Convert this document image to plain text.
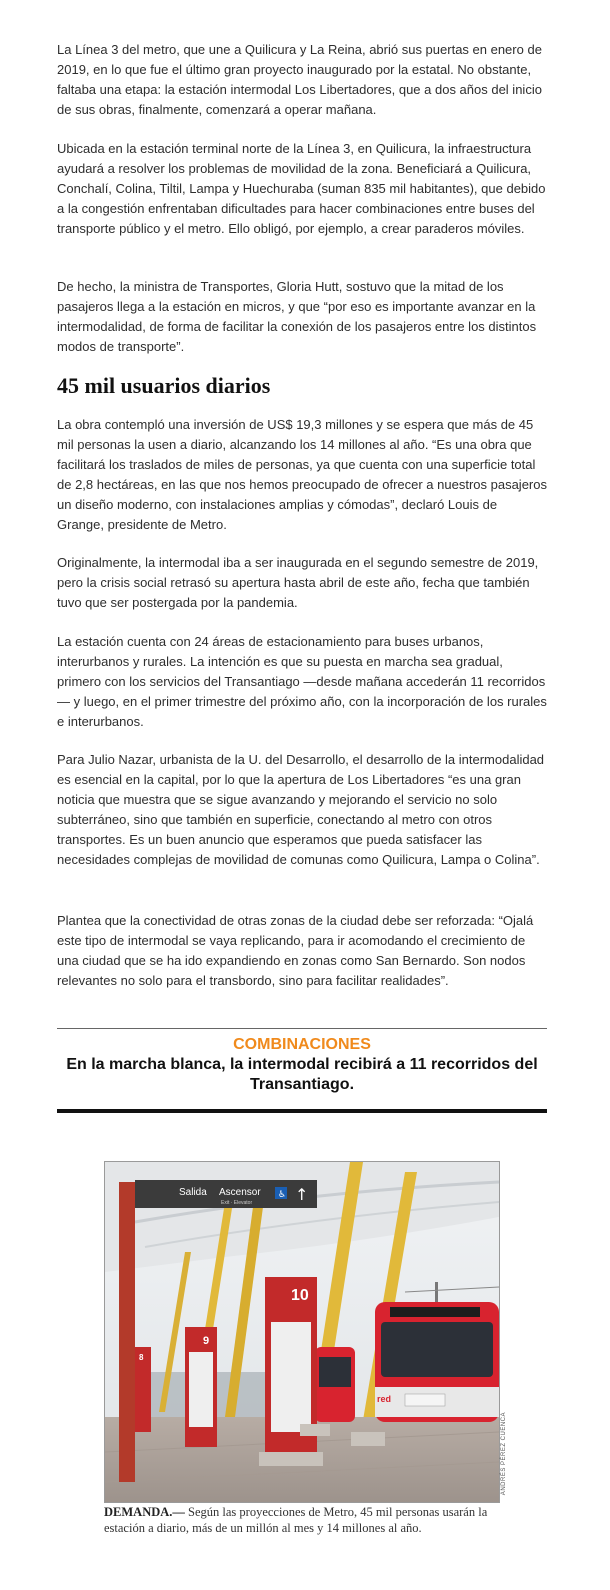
La Línea 3 del metro, que une a Quilicura y La Reina, abrió sus puertas en enero de 2019, en lo que fue el último gran proyecto inaugurado por la estatal. No obstante, faltaba una etapa: la estación intermodal Los Libertadores, que a dos años del inicio de sus obras, finalmente, comenzará a operar mañana.

Ubicada en la estación terminal norte de la Línea 3, en Quilicura, la infraestructura ayudará a resolver los problemas de movilidad de la zona. Beneficiará a Quilicura, Conchalí, Colina, Tiltil, Lampa y Huechuraba (suman 835 mil habitantes), que debido a la congestión enfrentaban dificultades para hacer combinaciones entre buses del transporte público y el metro. Ello obligó, por ejemplo, a crear paraderos móviles.

De hecho, la ministra de Transportes, Gloria Hutt, sostuvo que la mitad de los pasajeros llega a la estación en micros, y que “por eso es importante avanzar en la intermodalidad, de forma de facilitar la conexión de los pasajeros entre los distintos modos de transporte”.

45 mil usuarios diarios

La obra contempló una inversión de US$ 19,3 millones y se espera que más de 45 mil personas la usen a diario, alcanzando los 14 millones al año. “Es una obra que facilitará los traslados de miles de personas, ya que cuenta con una superficie total de 2,8 hectáreas, en las que nos hemos preocupado de ofrecer a nuestros pasajeros un diseño moderno, con instalaciones amplias y cómodas”, declaró Louis de Grange, presidente de Metro.

Originalmente, la intermodal iba a ser inaugurada en el segundo semestre de 2019, pero la crisis social retrasó su apertura hasta abril de este año, fecha que también tuvo que ser postergada por la pandemia.

La estación cuenta con 24 áreas de estacionamiento para buses urbanos, interurbanos y rurales. La intención es que su puesta en marcha sea gradual, primero con los servicios del Transantiago —desde mañana accederán 11 recorridos— y luego, en el primer trimestre del próximo año, con la incorporación de los rurales e interurbanos.

Para Julio Nazar, urbanista de la U. del Desarrollo, el desarrollo de la intermodalidad es esencial en la capital, por lo que la apertura de Los Libertadores “es una gran noticia que muestra que se sigue avanzando y mejorando el servicio no solo subterráneo, sino que también en superficie, conectando al metro con otros transportes. Es un buen anuncio que esperamos que pueda satisfacer las necesidades complejas de movilidad de comunas como Quilicura, Lampa o Colina”.

Plantea que la conectividad de otras zonas de la ciudad debe ser reforzada: “Ojalá este tipo de intermodal se vaya replicando, para ir acomodando el crecimiento de una ciudad que se ha ido expandiendo en zonas como San Bernardo. Son nodos relevantes no solo para el transbordo, sino para facilitar realidades”.

COMBINACIONES

En la marcha blanca, la intermodal recibirá a 11 recorridos del Transantiago.

red
Salida Ascensor
Exit · Elevator
♿ ↑
10
9
8
ANDRÉS PÉREZ CUENCA
DEMANDA.— Según las proyecciones de Metro, 45 mil personas usarán la estación a diario, más de un millón al mes y 14 millones al año.
